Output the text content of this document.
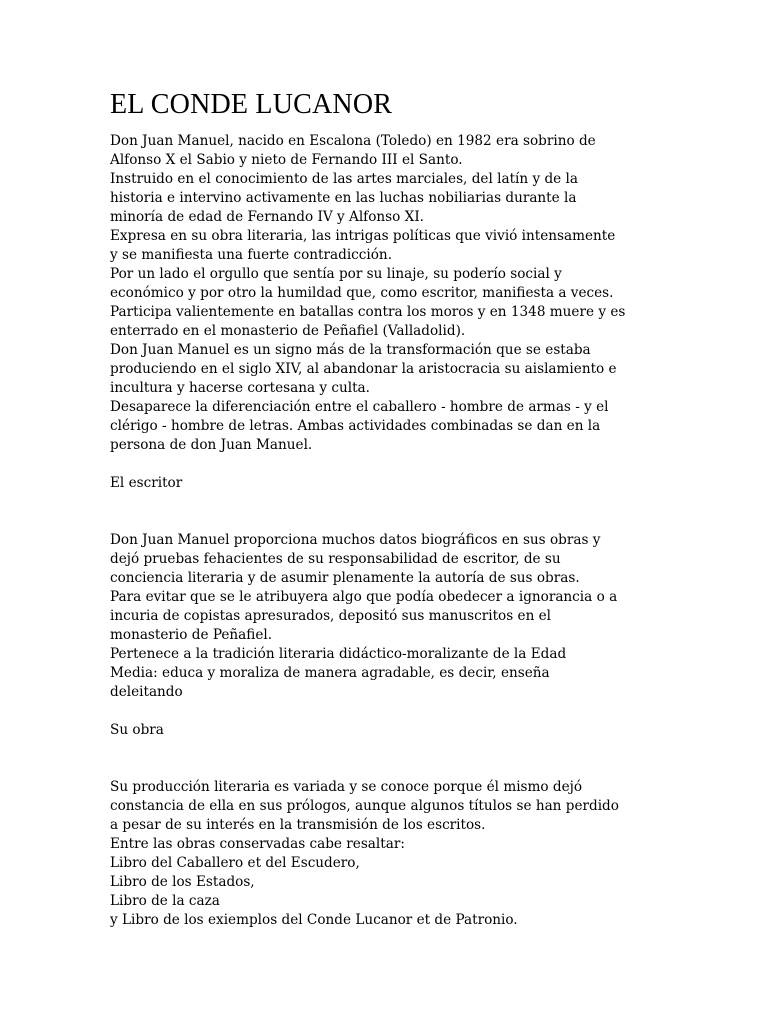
EL CONDE LUCANOR
Don Juan Manuel, nacido en Escalona (Toledo) en 1982 era sobrino de
Alfonso X el Sabio y nieto de Fernando III el Santo.
Instruido en el conocimiento de las artes marciales, del latín y de la
historia e intervino activamente en las luchas nobiliarias durante la
minoría de edad de Fernando IV y Alfonso XI.
Expresa en su obra literaria, las intrigas políticas que vivió intensamente
y se manifiesta una fuerte contradicción.
Por un lado el orgullo que sentía por su linaje, su poderío social y
económico y por otro la humildad que, como escritor, manifiesta a veces.
Participa valientemente en batallas contra los moros y en 1348 muere y es
enterrado en el monasterio de Peñafiel (Valladolid).
Don Juan Manuel es un signo más de la transformación que se estaba
produciendo en el siglo XIV, al abandonar la aristocracia su aislamiento e
incultura y hacerse cortesana y culta.
Desaparece la diferenciación entre el caballero - hombre de armas - y el
clérigo - hombre de letras. Ambas actividades combinadas se dan en la
persona de don Juan Manuel.

El escritor

Don Juan Manuel proporciona muchos datos biográficos en sus obras y
dejó pruebas fehacientes de su responsabilidad de escritor, de su
conciencia literaria y de asumir plenamente la autoría de sus obras.
Para evitar que se le atribuyera algo que podía obedecer a ignorancia o a
incuria de copistas apresurados, depositó sus manuscritos en el
monasterio de Peñafiel.
Pertenece a la tradición literaria didáctico-moralizante de la Edad
Media: educa y moraliza de manera agradable, es decir, enseña
deleitando

Su obra

Su producción literaria es variada y se conoce porque él mismo dejó
constancia de ella en sus prólogos, aunque algunos títulos se han perdido
a pesar de su interés en la transmisión de los escritos.
Entre las obras conservadas cabe resaltar:
Libro del Caballero et del Escudero,
Libro de los Estados,
Libro de la caza
y Libro de los exiemplos del Conde Lucanor et de Patronio.
